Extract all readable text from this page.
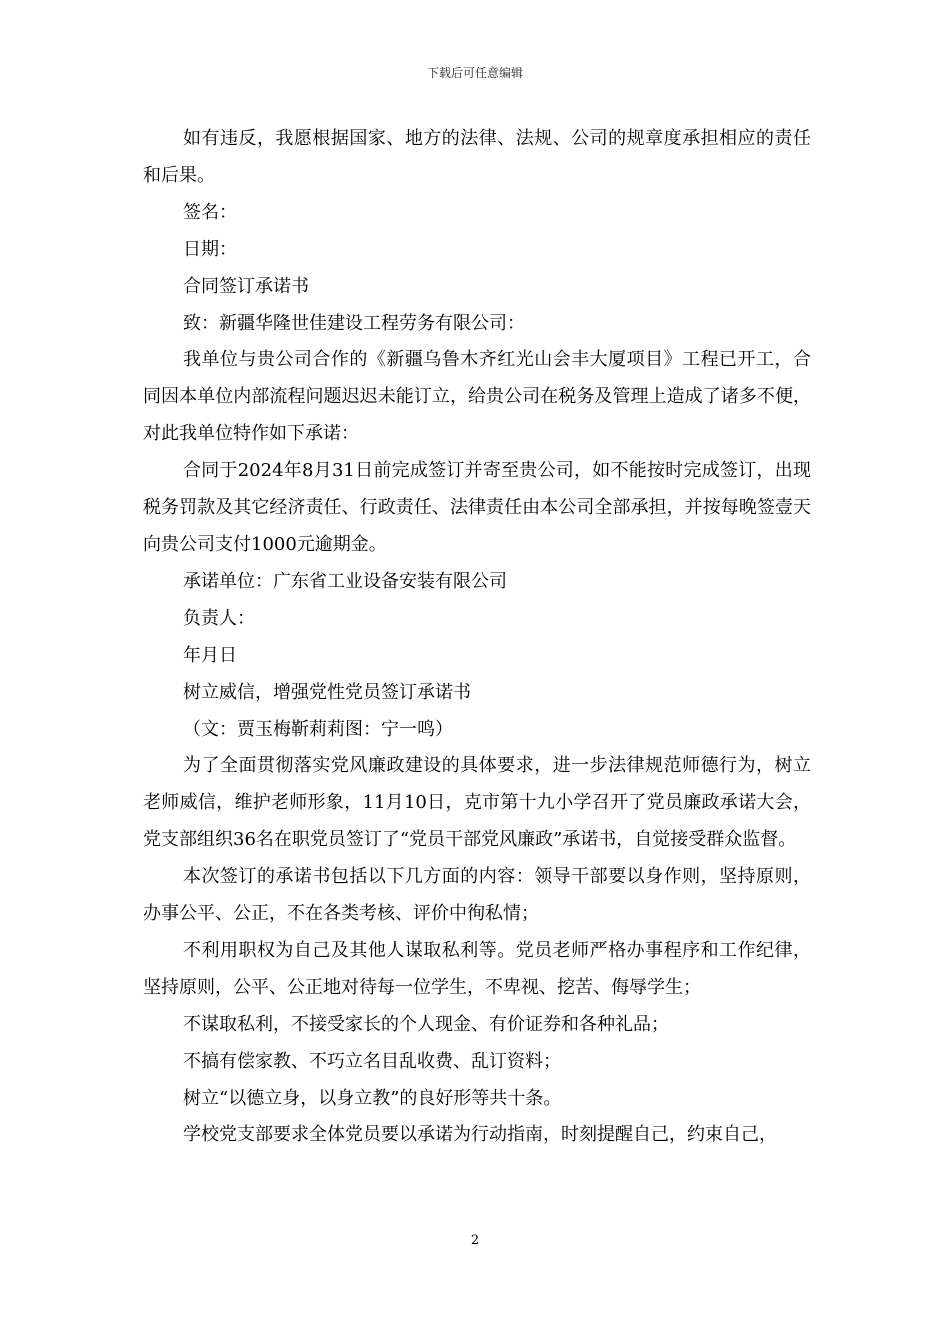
下载后可任意编辑

如有违反，我愿根据国家、地方的法律、法规、公司的规章度承担相应的责任和后果。

签名：

日期：

合同签订承诺书

致：新疆华隆世佳建设工程劳务有限公司：

我单位与贵公司合作的《新疆乌鲁木齐红光山会丰大厦项目》工程已开工，合同因本单位内部流程问题迟迟未能订立，给贵公司在税务及管理上造成了诸多不便，对此我单位特作如下承诺：

合同于2024年8月31日前完成签订并寄至贵公司，如不能按时完成签订，出现税务罚款及其它经济责任、行政责任、法律责任由本公司全部承担，并按每晚签壹天向贵公司支付1000元逾期金。

承诺单位：广东省工业设备安装有限公司

负责人：

年月日

树立威信，增强党性党员签订承诺书

（文：贾玉梅靳莉莉图：宁一鸣）

为了全面贯彻落实党风廉政建设的具体要求，进一步法律规范师德行为，树立老师威信，维护老师形象，11月10日，克市第十九小学召开了党员廉政承诺大会，党支部组织36名在职党员签订了“党员干部党风廉政”承诺书，自觉接受群众监督。

本次签订的承诺书包括以下几方面的内容：领导干部要以身作则，坚持原则，办事公平、公正，不在各类考核、评价中徇私情；

不利用职权为自己及其他人谋取私利等。党员老师严格办事程序和工作纪律，坚持原则，公平、公正地对待每一位学生，不卑视、挖苦、侮辱学生；

不谋取私利，不接受家长的个人现金、有价证券和各种礼品；

不搞有偿家教、不巧立名目乱收费、乱订资料；

树立“以德立身，以身立教”的良好形等共十条。

学校党支部要求全体党员要以承诺为行动指南，时刻提醒自己，约束自己，

2
